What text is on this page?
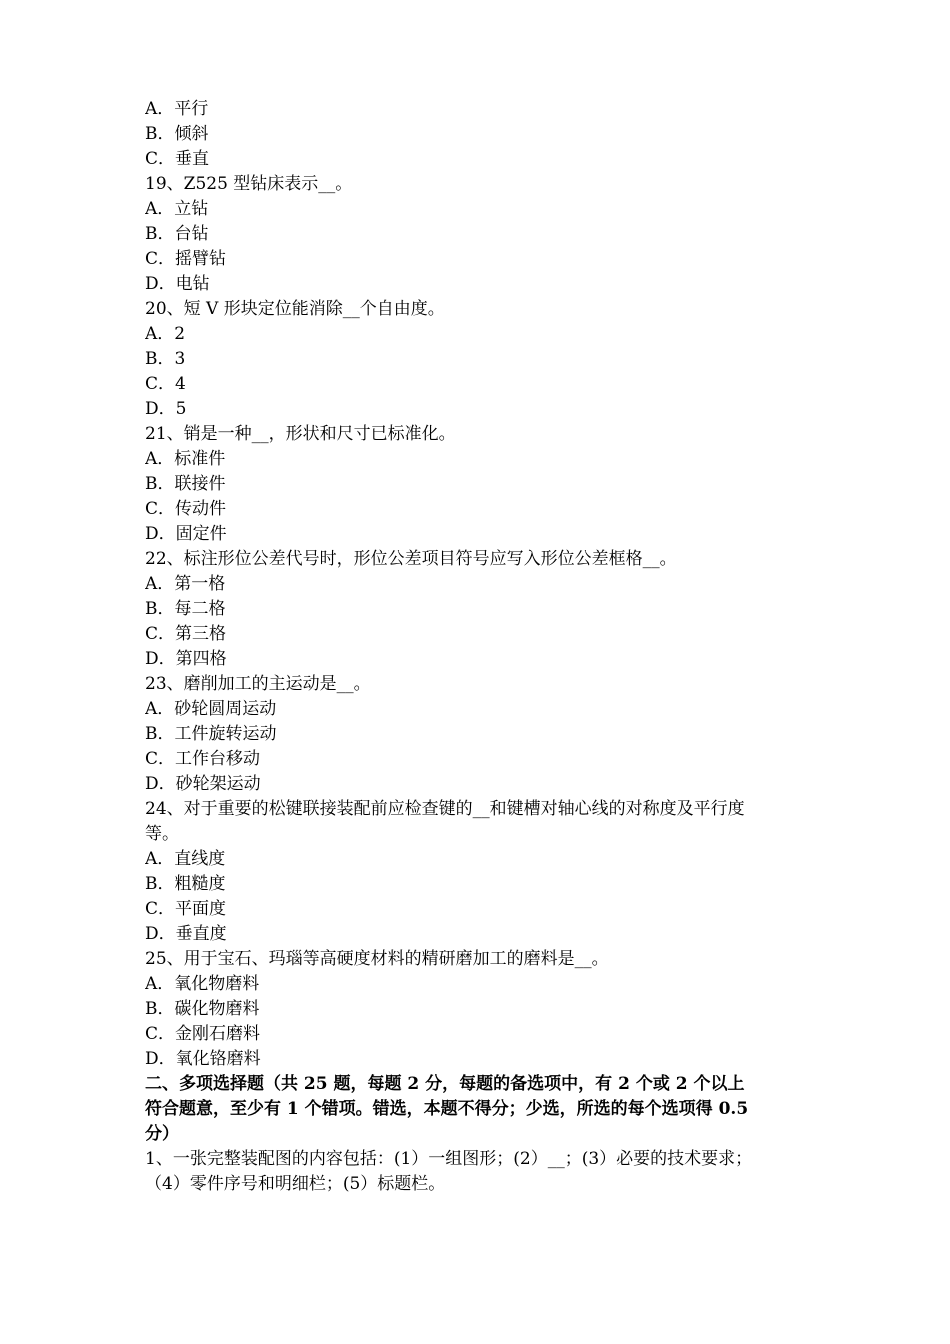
A．平行
B．倾斜
C．垂直
19、Z525 型钻床表示__。
A．立钻
B．台钻
C．摇臂钻
D．电钻
20、短 V 形块定位能消除__个自由度。
A．2
B．3
C．4
D．5
21、销是一种__，形状和尺寸已标准化。
A．标准件
B．联接件
C．传动件
D．固定件
22、标注形位公差代号时，形位公差项目符号应写入形位公差框格__。
A．第一格
B．每二格
C．第三格
D．第四格
23、磨削加工的主运动是__。
A．砂轮圆周运动
B．工件旋转运动
C．工作台移动
D．砂轮架运动
24、对于重要的松键联接装配前应检查键的__和键槽对轴心线的对称度及平行度
等。
A．直线度
B．粗糙度
C．平面度
D．垂直度
25、用于宝石、玛瑙等高硬度材料的精研磨加工的磨料是__。
A．氧化物磨料
B．碳化物磨料
C．金刚石磨料
D．氧化铬磨料
二、多项选择题（共 25 题，每题 2 分，每题的备选项中，有 2 个或 2 个以上
符合题意，至少有 1 个错项。错选，本题不得分；少选，所选的每个选项得 0.5
分）
1、一张完整装配图的内容包括：(1）一组图形；(2）__；(3）必要的技术要求；
（4）零件序号和明细栏；(5）标题栏。
